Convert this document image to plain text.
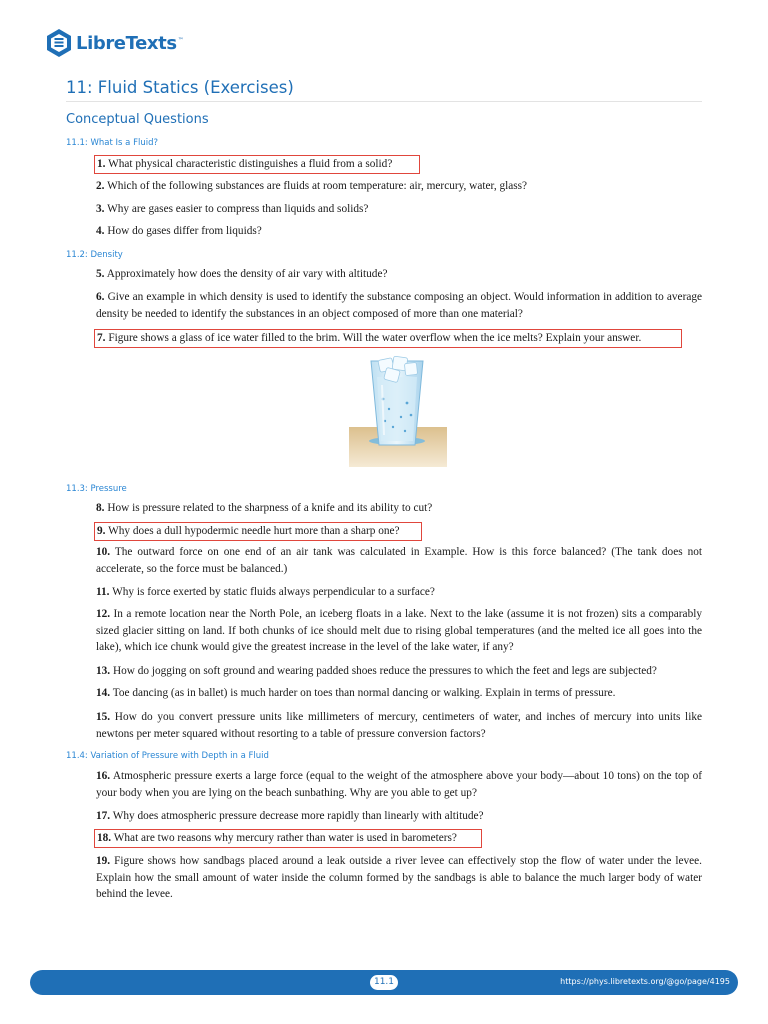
LibreTexts ™
11: Fluid Statics (Exercises)
Conceptual Questions
11.1: What Is a Fluid?
1. What physical characteristic distinguishes a fluid from a solid?
2. Which of the following substances are fluids at room temperature: air, mercury, water, glass?
3. Why are gases easier to compress than liquids and solids?
4. How do gases differ from liquids?
11.2: Density
5. Approximately how does the density of air vary with altitude?
6. Give an example in which density is used to identify the substance composing an object. Would information in addition to average density be needed to identify the substances in an object composed of more than one material?
7. Figure shows a glass of ice water filled to the brim. Will the water overflow when the ice melts? Explain your answer.
11.3: Pressure
8. How is pressure related to the sharpness of a knife and its ability to cut?
9. Why does a dull hypodermic needle hurt more than a sharp one?
10. The outward force on one end of an air tank was calculated in Example. How is this force balanced? (The tank does not accelerate, so the force must be balanced.)
11. Why is force exerted by static fluids always perpendicular to a surface?
12. In a remote location near the North Pole, an iceberg floats in a lake. Next to the lake (assume it is not frozen) sits a comparably sized glacier sitting on land. If both chunks of ice should melt due to rising global temperatures (and the melted ice all goes into the lake), which ice chunk would give the greatest increase in the level of the lake water, if any?
13. How do jogging on soft ground and wearing padded shoes reduce the pressures to which the feet and legs are subjected?
14. Toe dancing (as in ballet) is much harder on toes than normal dancing or walking. Explain in terms of pressure.
15. How do you convert pressure units like millimeters of mercury, centimeters of water, and inches of mercury into units like newtons per meter squared without resorting to a table of pressure conversion factors?
11.4: Variation of Pressure with Depth in a Fluid
16. Atmospheric pressure exerts a large force (equal to the weight of the atmosphere above your body—about 10 tons) on the top of your body when you are lying on the beach sunbathing. Why are you able to get up?
17. Why does atmospheric pressure decrease more rapidly than linearly with altitude?
18. What are two reasons why mercury rather than water is used in barometers?
19. Figure shows how sandbags placed around a leak outside a river levee can effectively stop the flow of water under the levee. Explain how the small amount of water inside the column formed by the sandbags is able to balance the much larger body of water behind the levee.
11.1	https://phys.libretexts.org/@go/page/4195
